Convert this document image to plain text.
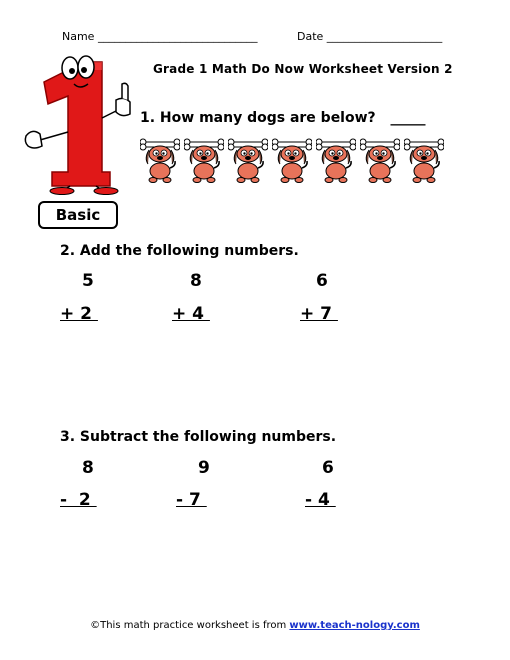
Name _____________________________	Date _____________________
Grade 1 Math Do Now Worksheet Version 2
1. How many dogs are below? _____
Basic
2. Add the following numbers.
5	8	6
+ 2	+ 4	+ 7
3. Subtract the following numbers.
8	9	6
-  2	- 7	- 4
©This math practice worksheet is from www.teach-nology.com
